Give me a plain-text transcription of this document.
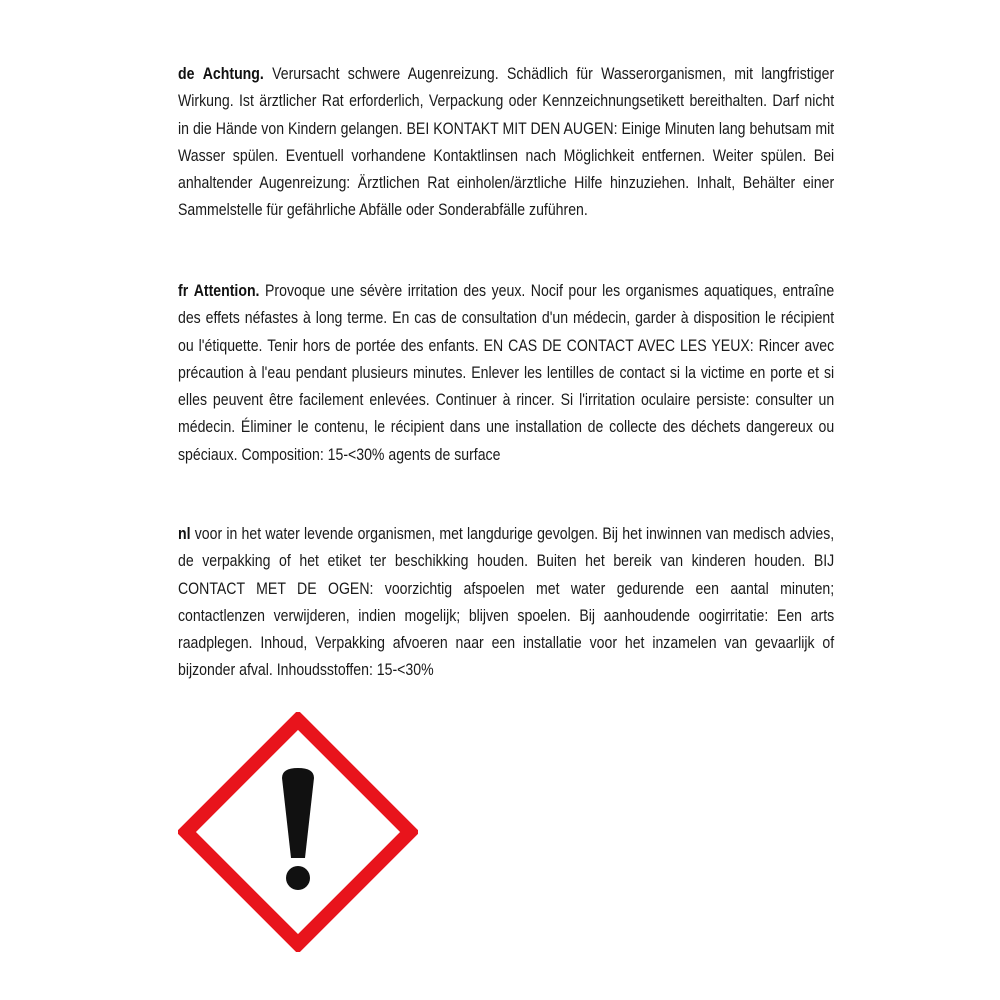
de Achtung. Verursacht schwere Augenreizung. Schädlich für Wasserorganismen, mit langfristiger Wirkung. Ist ärztlicher Rat erforderlich, Verpackung oder Kennzeichnungsetikett bereithalten. Darf nicht in die Hände von Kindern gelangen. BEI KONTAKT MIT DEN AUGEN: Einige Minuten lang behutsam mit Wasser spülen. Eventuell vorhandene Kontaktlinsen nach Möglichkeit entfernen. Weiter spülen. Bei anhaltender Augenreizung: Ärztlichen Rat einholen/ärztliche Hilfe hinzuziehen. Inhalt, Behälter einer Sammelstelle für gefährliche Abfälle oder Sonderabfälle zuführen.
fr Attention. Provoque une sévère irritation des yeux. Nocif pour les organismes aquatiques, entraîne des effets néfastes à long terme. En cas de consultation d'un médecin, garder à disposition le récipient ou l'étiquette. Tenir hors de portée des enfants. EN CAS DE CONTACT AVEC LES YEUX: Rincer avec précaution à l'eau pendant plusieurs minutes. Enlever les lentilles de contact si la victime en porte et si elles peuvent être facilement enlevées. Continuer à rincer. Si l'irritation oculaire persiste: consulter un médecin. Éliminer le contenu, le récipient dans une installation de collecte des déchets dangereux ou spéciaux. Composition: 15-<30% agents de surface
nl voor in het water levende organismen, met langdurige gevolgen. Bij het inwinnen van medisch advies, de verpakking of het etiket ter beschikking houden. Buiten het bereik van kinderen houden. BIJ CONTACT MET DE OGEN: voorzichtig afspoelen met water gedurende een aantal minuten; contactlenzen verwijderen, indien mogelijk; blijven spoelen. Bij aanhoudende oogirritatie: Een arts raadplegen. Inhoud, Verpakking afvoeren naar een installatie voor het inzamelen van gevaarlijk of bijzonder afval. Inhoudsstoffen: 15-<30%
